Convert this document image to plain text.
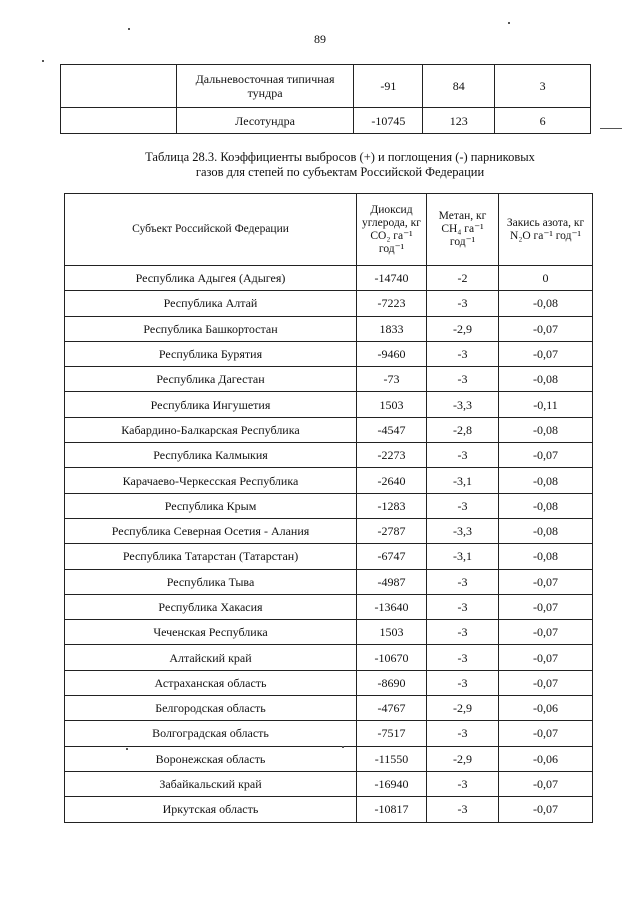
89
	Дальневосточная типичная тундра	-91	84	3
	Лесотундра	-10745	123	6
Таблица 28.3. Коэффициенты выбросов (+) и поглощения (-) парниковых
газов для степей по субъектам Российской Федерации
Субъект Российской Федерации	Диоксид углерода, кг CO₂ га⁻¹ год⁻¹	Метан, кг CH₄ га⁻¹ год⁻¹	Закись азота, кг N₂O га⁻¹ год⁻¹
Республика Адыгея (Адыгея)	-14740	-2	0
Республика Алтай	-7223	-3	-0,08
Республика Башкортостан	1833	-2,9	-0,07
Республика Бурятия	-9460	-3	-0,07
Республика Дагестан	-73	-3	-0,08
Республика Ингушетия	1503	-3,3	-0,11
Кабардино-Балкарская Республика	-4547	-2,8	-0,08
Республика Калмыкия	-2273	-3	-0,07
Карачаево-Черкесская Республика	-2640	-3,1	-0,08
Республика Крым	-1283	-3	-0,08
Республика Северная Осетия - Алания	-2787	-3,3	-0,08
Республика Татарстан (Татарстан)	-6747	-3,1	-0,08
Республика Тыва	-4987	-3	-0,07
Республика Хакасия	-13640	-3	-0,07
Чеченская Республика	1503	-3	-0,07
Алтайский край	-10670	-3	-0,07
Астраханская область	-8690	-3	-0,07
Белгородская область	-4767	-2,9	-0,06
Волгоградская область	-7517	-3	-0,07
Воронежская область	-11550	-2,9	-0,06
Забайкальский край	-16940	-3	-0,07
Иркутская область	-10817	-3	-0,07
